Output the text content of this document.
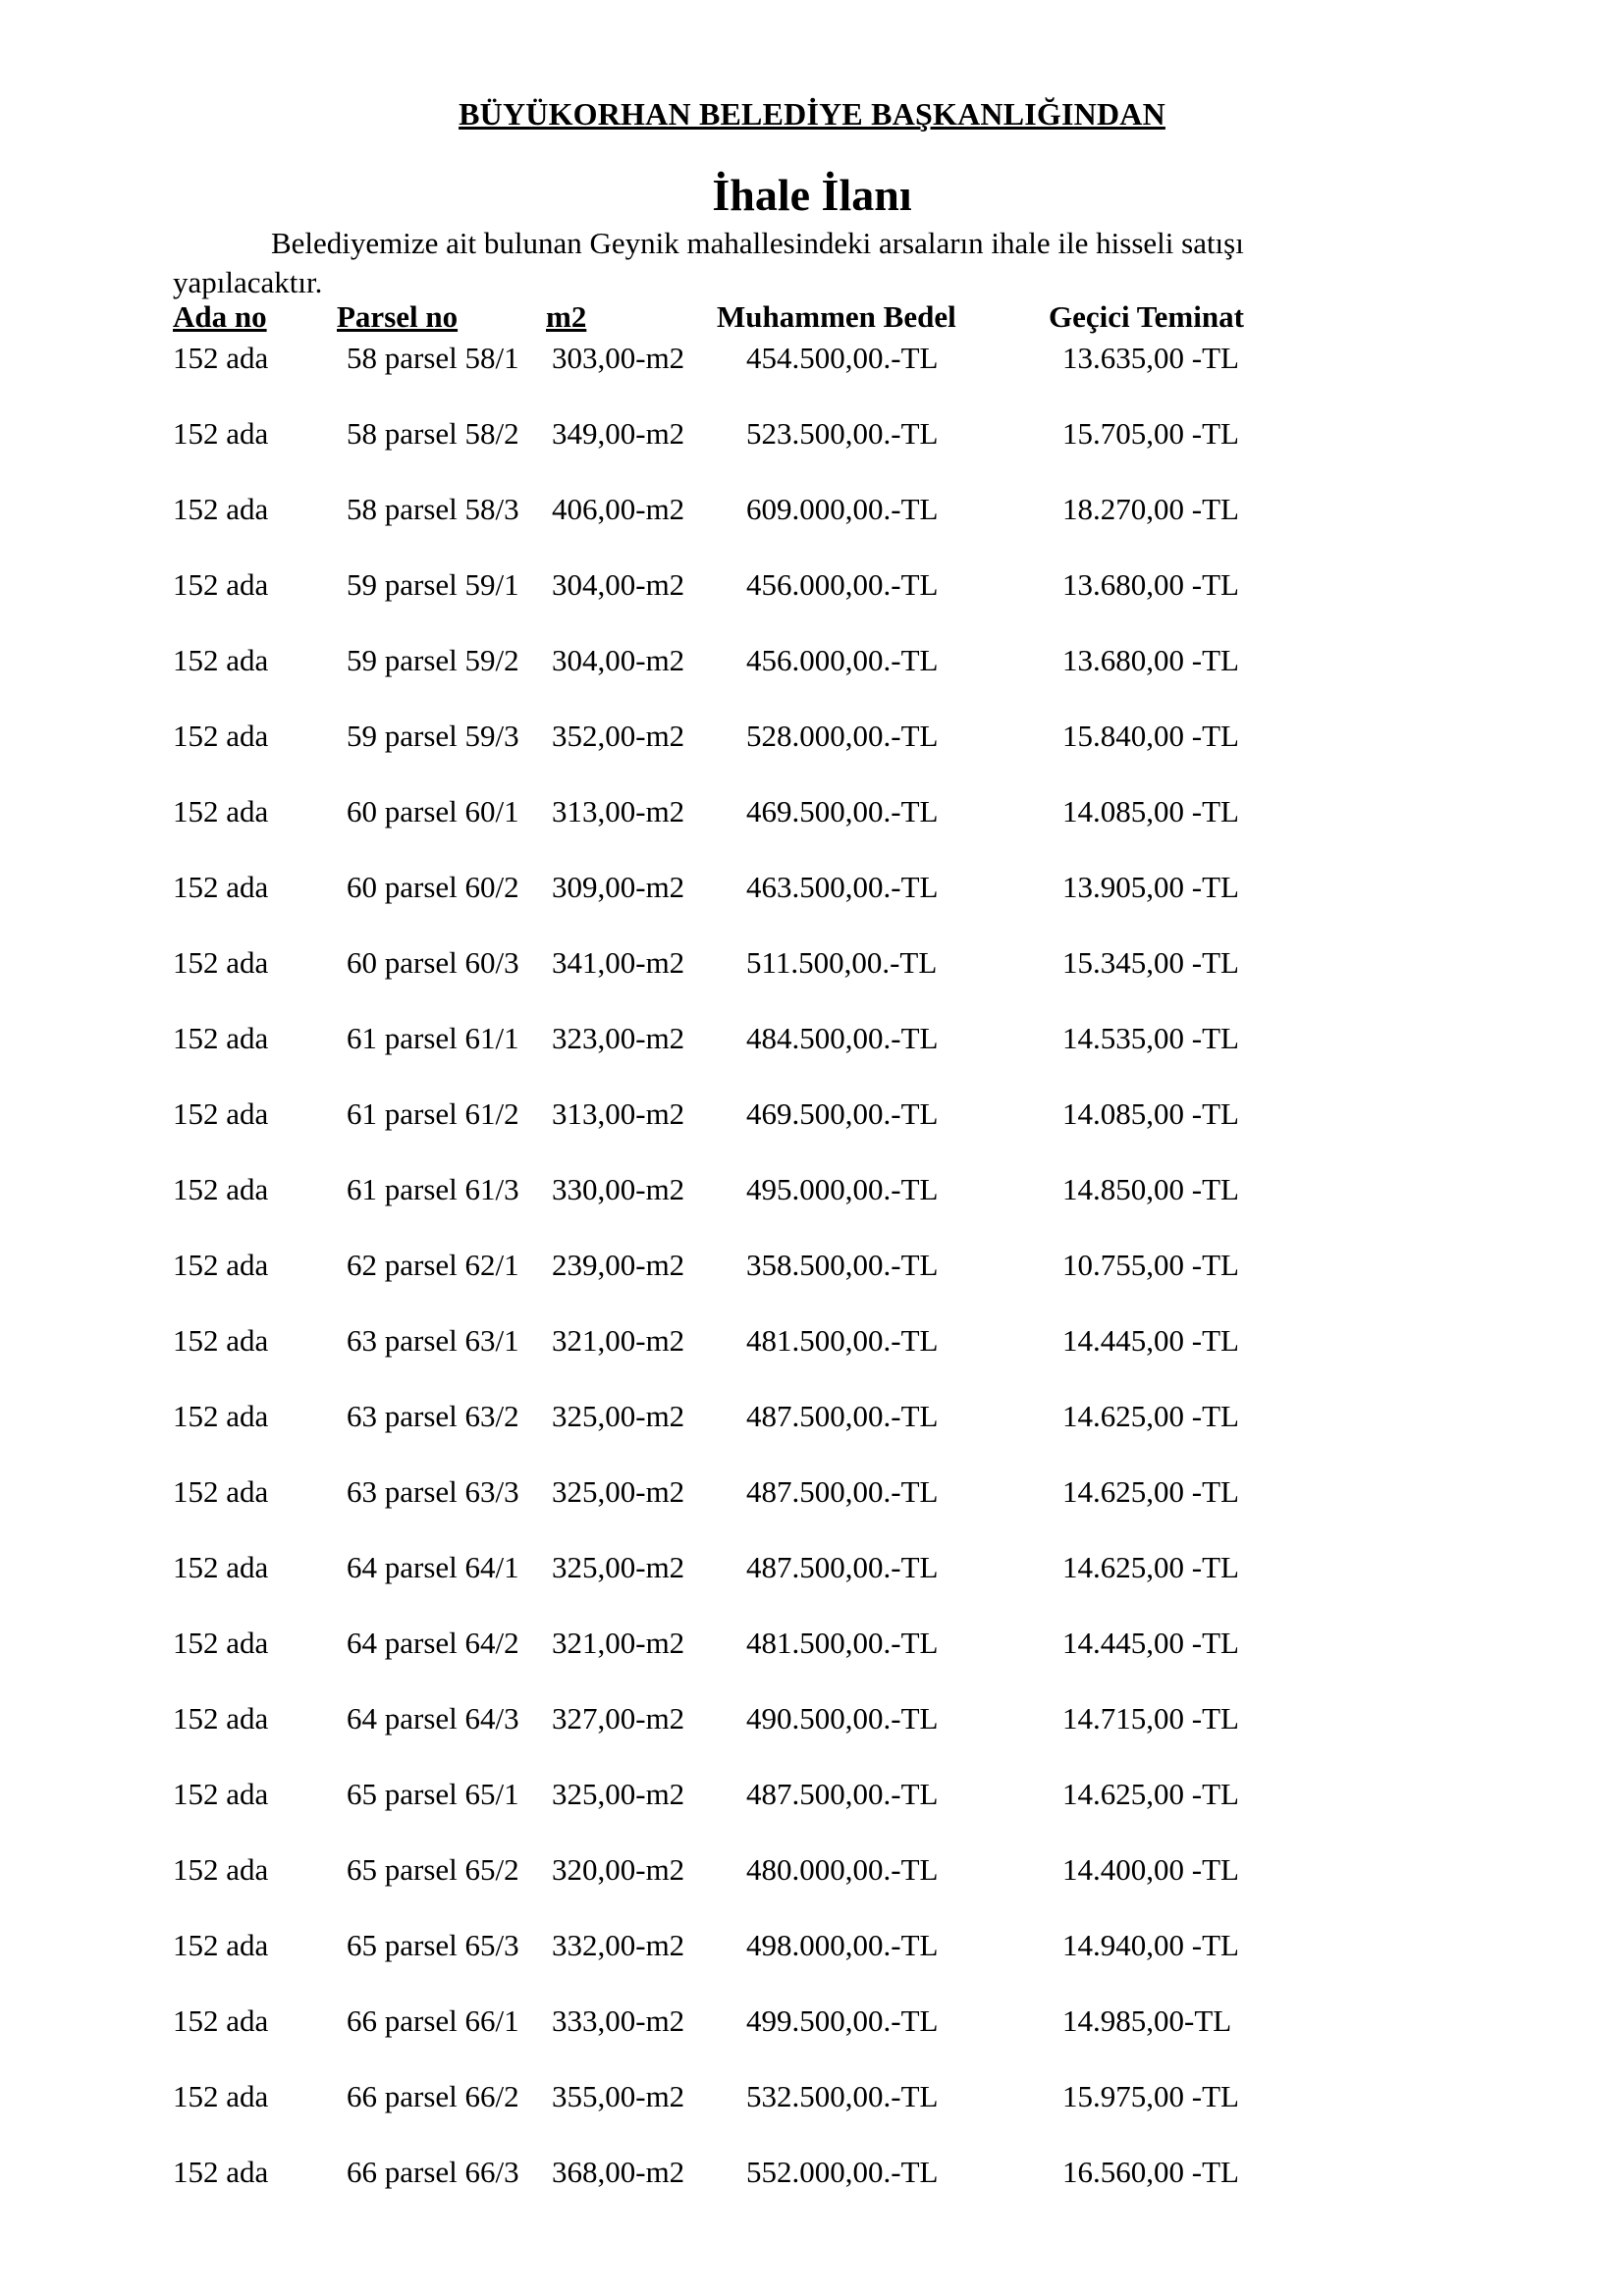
BÜYÜKORHAN BELEDİYE BAŞKANLIĞINDAN
İhale İlanı
Belediyemize ait bulunan Geynik mahallesindeki arsaların ihale ile hisseli satışı yapılacaktır.
Ada no Parsel no	m2	Muhammen Bedel	Geçici Teminat
152 ada	58 parsel 58/1 303,00-m2 454.500,00.-TL	13.635,00 -TL
152 ada	58 parsel 58/2 349,00-m2 523.500,00.-TL	15.705,00 -TL
152 ada	58 parsel 58/3 406,00-m2 609.000,00.-TL	18.270,00 -TL
152 ada	59 parsel 59/1 304,00-m2 456.000,00.-TL	13.680,00 -TL
152 ada	59 parsel 59/2 304,00-m2 456.000,00.-TL	13.680,00 -TL
152 ada	59 parsel 59/3 352,00-m2 528.000,00.-TL	15.840,00 -TL
152 ada	60 parsel 60/1 313,00-m2 469.500,00.-TL	14.085,00 -TL
152 ada	60 parsel 60/2 309,00-m2 463.500,00.-TL	13.905,00 -TL
152 ada	60 parsel 60/3 341,00-m2 511.500,00.-TL	15.345,00 -TL
152 ada	61 parsel 61/1 323,00-m2 484.500,00.-TL	14.535,00 -TL
152 ada	61 parsel 61/2 313,00-m2 469.500,00.-TL	14.085,00 -TL
152 ada	61 parsel 61/3 330,00-m2 495.000,00.-TL	14.850,00 -TL
152 ada	62 parsel 62/1 239,00-m2 358.500,00.-TL	10.755,00 -TL
152 ada	63 parsel 63/1 321,00-m2 481.500,00.-TL	14.445,00 -TL
152 ada	63 parsel 63/2 325,00-m2 487.500,00.-TL	14.625,00 -TL
152 ada	63 parsel 63/3 325,00-m2 487.500,00.-TL	14.625,00 -TL
152 ada	64 parsel 64/1 325,00-m2 487.500,00.-TL	14.625,00 -TL
152 ada	64 parsel 64/2 321,00-m2 481.500,00.-TL	14.445,00 -TL
152 ada	64 parsel 64/3 327,00-m2 490.500,00.-TL	14.715,00 -TL
152 ada	65 parsel 65/1 325,00-m2 487.500,00.-TL	14.625,00 -TL
152 ada	65 parsel 65/2 320,00-m2 480.000,00.-TL	14.400,00 -TL
152 ada	65 parsel 65/3 332,00-m2 498.000,00.-TL	14.940,00 -TL
152 ada	66 parsel 66/1 333,00-m2 499.500,00.-TL	14.985,00-TL
152 ada	66 parsel 66/2 355,00-m2 532.500,00.-TL	15.975,00 -TL
152 ada	66 parsel 66/3 368,00-m2 552.000,00.-TL	16.560,00 -TL
